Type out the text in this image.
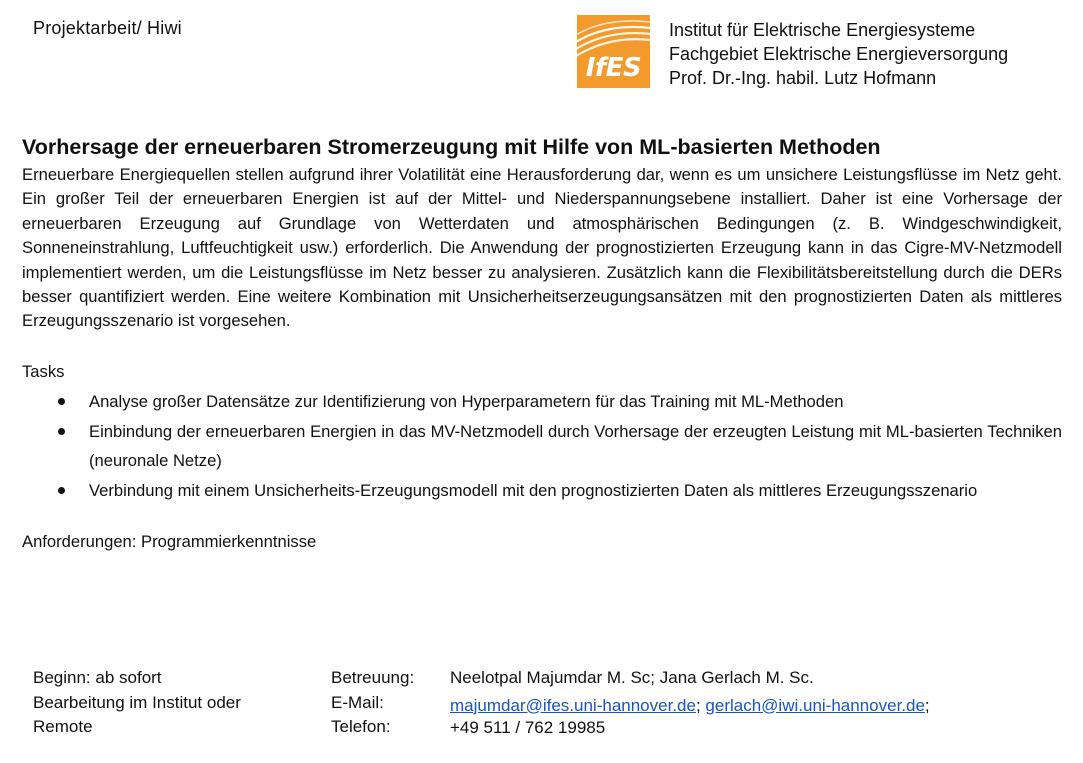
Projektarbeit/ Hiwi
IfES
Institut für Elektrische Energiesysteme
Fachgebiet Elektrische Energieversorgung
Prof. Dr.-Ing. habil. Lutz Hofmann
Vorhersage der erneuerbaren Stromerzeugung mit Hilfe von ML-basierten Methoden

Erneuerbare Energiequellen stellen aufgrund ihrer Volatilität eine Herausforderung dar, wenn es um unsichere Leistungsflüsse im Netz geht. Ein großer Teil der erneuerbaren Energien ist auf der Mittel- und Niederspannungsebene installiert. Daher ist eine Vorhersage der erneuerbaren Erzeugung auf Grundlage von Wetterdaten und atmosphärischen Bedingungen (z. B. Windgeschwindigkeit, Sonneneinstrahlung, Luftfeuchtigkeit usw.) erforderlich. Die Anwendung der prognostizierten Erzeugung kann in das Cigre-MV-Netzmodell implementiert werden, um die Leistungsflüsse im Netz besser zu analysieren. Zusätzlich kann die Flexibilitätsbereitstellung durch die DERs besser quantifiziert werden. Eine weitere Kombination mit Unsicherheitserzeugungsansätzen mit den prognostizierten Daten als mittleres Erzeugungsszenario ist vorgesehen.

Tasks
Analyse großer Datensätze zur Identifizierung von Hyperparametern für das Training mit ML-Methoden
Einbindung der erneuerbaren Energien in das MV-Netzmodell durch Vorhersage der erzeugten Leistung mit ML-basierten Techniken (neuronale Netze)
Verbindung mit einem Unsicherheits-Erzeugungsmodell mit den prognostizierten Daten als mittleres Erzeugungsszenario
Anforderungen: Programmierkenntnisse
Beginn: ab sofort
Bearbeitung im Institut oder Remote
Betreuung:
E-Mail:
Telefon:
Neelotpal Majumdar M. Sc; Jana Gerlach M. Sc.
majumdar@ifes.uni-hannover.de; gerlach@iwi.uni-hannover.de;
+49 511 / 762 19985
